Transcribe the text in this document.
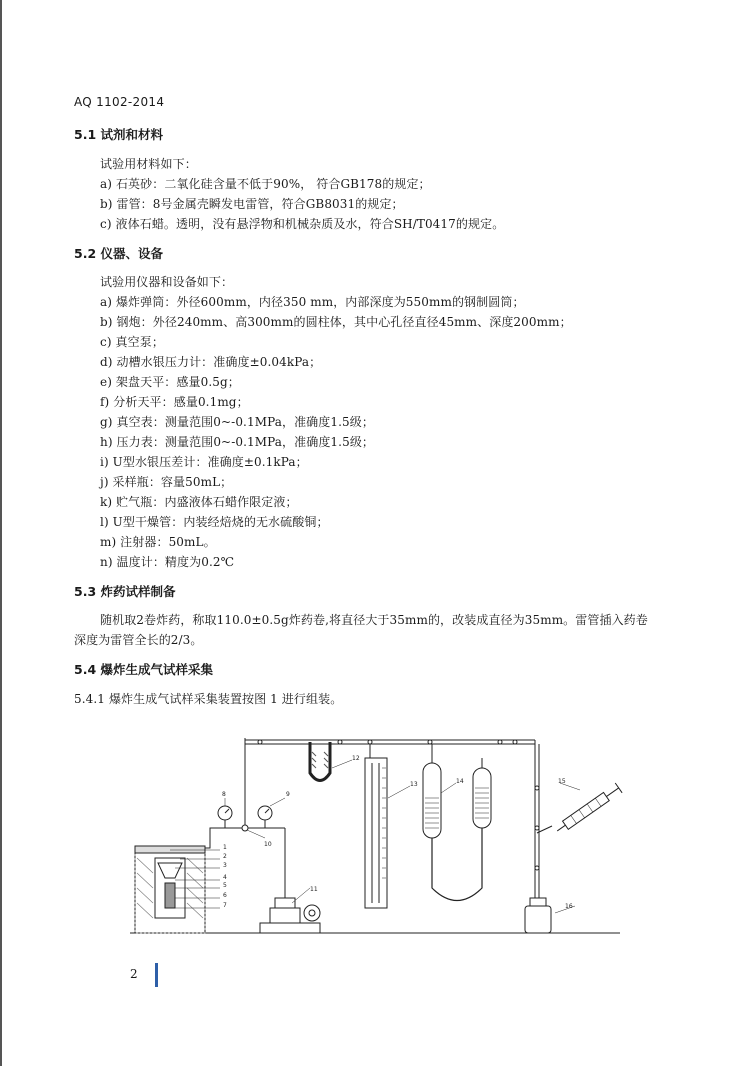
AQ 1102-2014
5.1 试剂和材料
试验用材料如下：
a) 石英砂：二氧化硅含量不低于90%， 符合GB178的规定；
b) 雷管：8号金属壳瞬发电雷管，符合GB8031的规定；
c) 液体石蜡。透明，没有悬浮物和机械杂质及水，符合SH/T0417的规定。
5.2 仪器、设备
试验用仪器和设备如下：
a) 爆炸弹筒：外径600mm，内径350 mm，内部深度为550mm的钢制圆筒；
b) 钢炮：外径240mm、高300mm的圆柱体，其中心孔径直径45mm、深度200mm；
c) 真空泵；
d) 动槽水银压力计：准确度±0.04kPa；
e) 架盘天平：感量0.5g；
f) 分析天平：感量0.1mg；
g) 真空表：测量范围0~-0.1MPa，准确度1.5级；
h) 压力表：测量范围0~-0.1MPa，准确度1.5级；
i) U型水银压差计：准确度±0.1kPa；
j) 采样瓶：容量50mL；
k) 贮气瓶：内盛液体石蜡作限定液；
l) U型干燥管：内装经焙烧的无水硫酸铜；
m) 注射器：50mL。
n) 温度计：精度为0.2℃
5.3 炸药试样制备
随机取2卷炸药，称取110.0±0.5g炸药卷,将直径大于35mm的，改装成直径为35mm。雷管插入药卷
深度为雷管全长的2/3。
5.4 爆炸生成气试样采集
5.4.1 爆炸生成气试样采集装置按图 1 进行组装。
8	9
10
11
12
13	14	15
16
1
2
3
4
5
6
7
2
